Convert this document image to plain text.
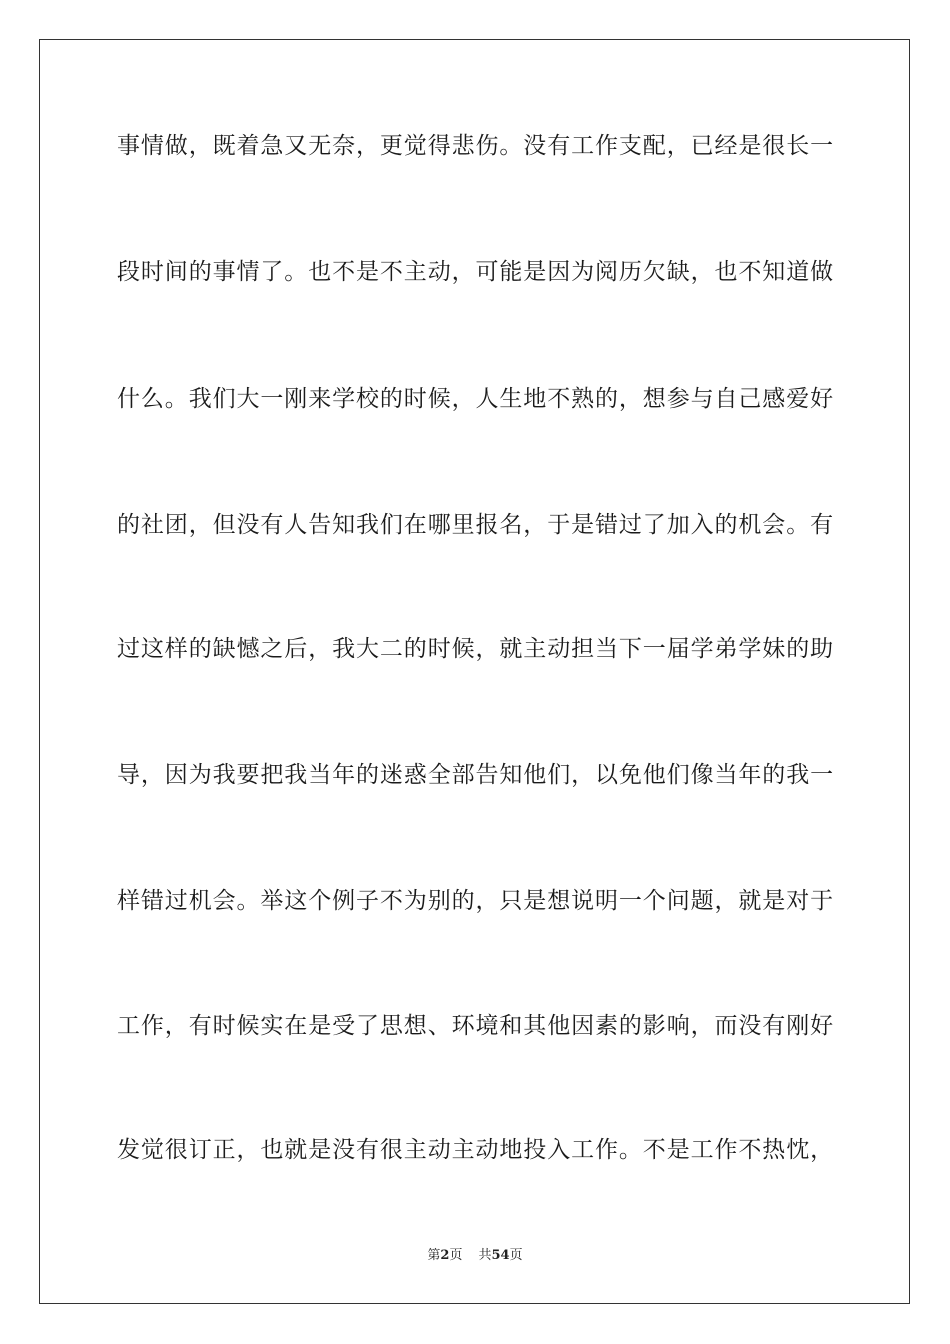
事情做，既着急又无奈，更觉得悲伤。没有工作支配，已经是很长一
段时间的事情了。也不是不主动，可能是因为阅历欠缺，也不知道做
什么。我们大一刚来学校的时候，人生地不熟的，想参与自己感爱好
的社团，但没有人告知我们在哪里报名，于是错过了加入的机会。有
过这样的缺憾之后，我大二的时候，就主动担当下一届学弟学妹的助
导，因为我要把我当年的迷惑全部告知他们，以免他们像当年的我一
样错过机会。举这个例子不为别的，只是想说明一个问题，就是对于
工作，有时候实在是受了思想、环境和其他因素的影响，而没有刚好
发觉很订正，也就是没有很主动主动地投入工作。不是工作不热忱，
第2页 共54页
